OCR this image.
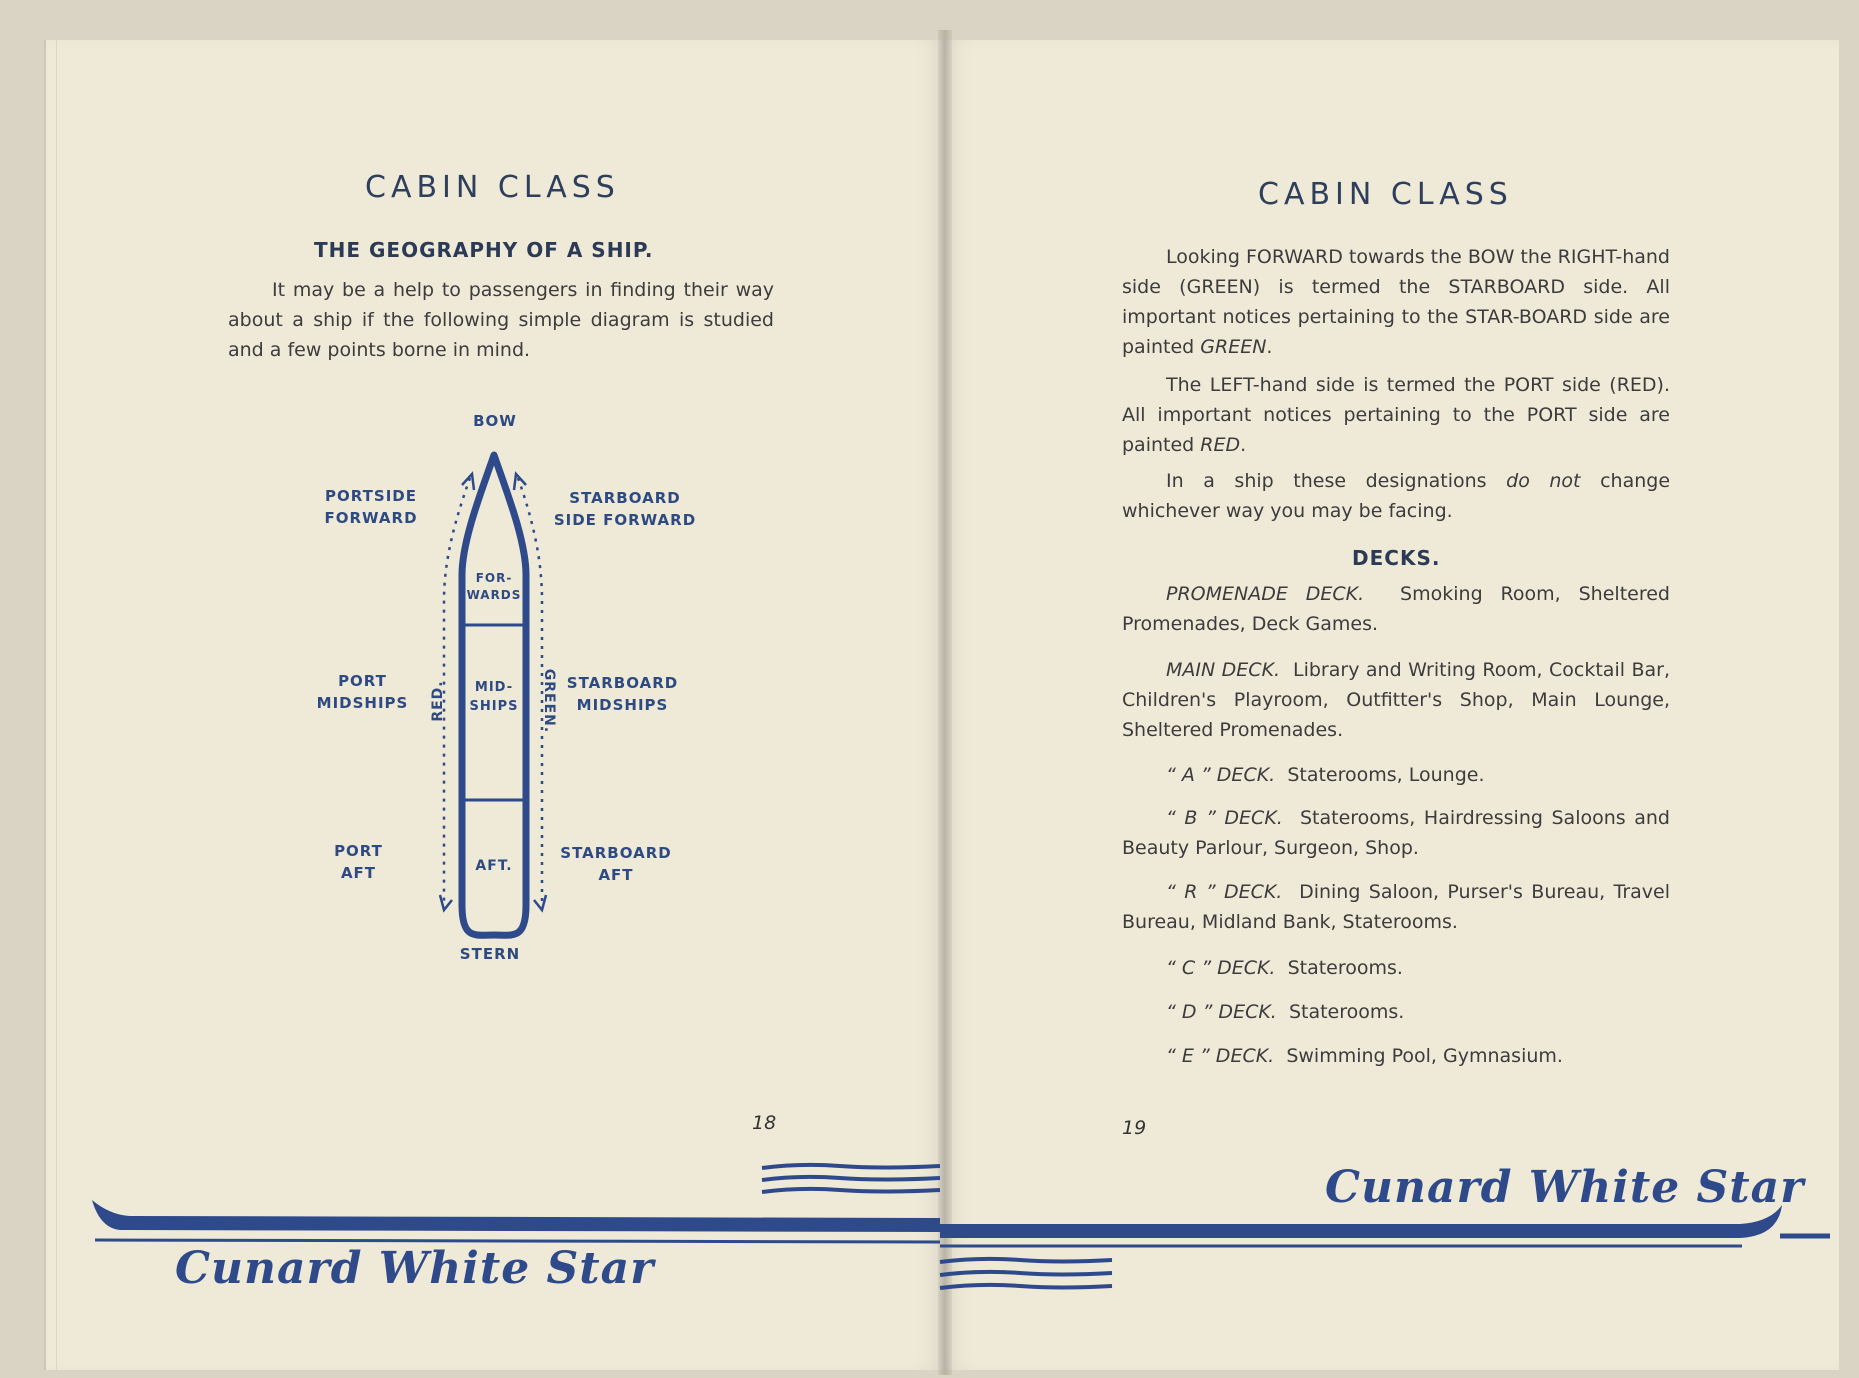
CABIN CLASS
THE GEOGRAPHY OF A SHIP.
It may be a help to passengers in finding their way about a ship if the following simple diagram is studied and a few points borne in mind.
BOW
PORTSIDE
FORWARD
STARBOARD
SIDE FORWARD
PORT
MIDSHIPS
STARBOARD
MIDSHIPS
PORT
AFT
STARBOARD
AFT
STERN
FOR-
WARDS
MID-
SHIPS
AFT.
RED.	GREEN.
18
CABIN CLASS
Looking FORWARD towards the BOW the RIGHT-hand side (GREEN) is termed the STARBOARD side. All important notices pertaining to the STAR-BOARD side are painted GREEN.
The LEFT-hand side is termed the PORT side (RED). All important notices pertaining to the PORT side are painted RED.
In a ship these designations do not change whichever way you may be facing.
DECKS.
PROMENADE DECK. Smoking Room, Sheltered Promenades, Deck Games.
MAIN DECK. Library and Writing Room, Cocktail Bar, Children's Playroom, Outfitter's Shop, Main Lounge, Sheltered Promenades.
“ A ” DECK. Staterooms, Lounge.
“ B ” DECK. Staterooms, Hairdressing Saloons and Beauty Parlour, Surgeon, Shop.
“ R ” DECK. Dining Saloon, Purser's Bureau, Travel Bureau, Midland Bank, Staterooms.
“ C ” DECK. Staterooms.
“ D ” DECK. Staterooms.
“ E ” DECK. Swimming Pool, Gymnasium.
19
Cunard White Star
Cunard White Star
